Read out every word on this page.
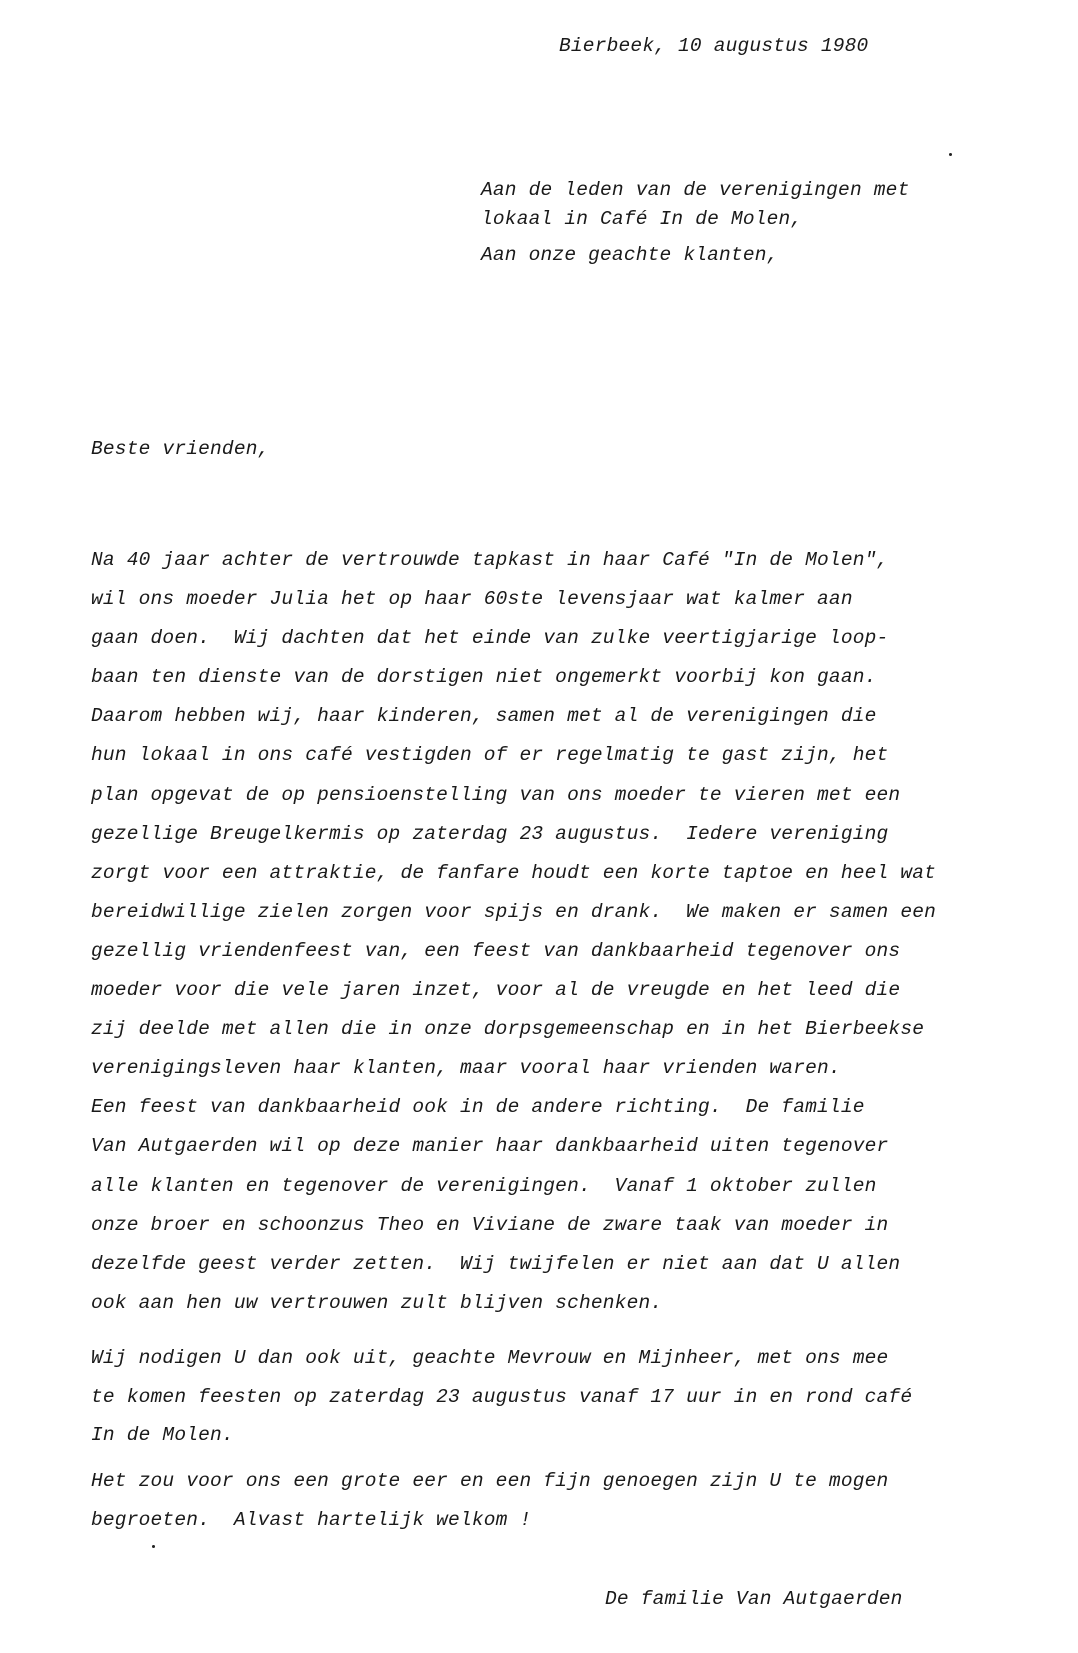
Bierbeek, 10 augustus 1980
Aan de leden van de verenigingen met
lokaal in Café In de Molen,
Aan onze geachte klanten,
Beste vrienden,
Na 40 jaar achter de vertrouwde tapkast in haar Café "In de Molen",
wil ons moeder Julia het op haar 60ste levensjaar wat kalmer aan
gaan doen.  Wij dachten dat het einde van zulke veertigjarige loop-
baan ten dienste van de dorstigen niet ongemerkt voorbij kon gaan.
Daarom hebben wij, haar kinderen, samen met al de verenigingen die
hun lokaal in ons café vestigden of er regelmatig te gast zijn, het
plan opgevat de op pensioenstelling van ons moeder te vieren met een
gezellige Breugelkermis op zaterdag 23 augustus.  Iedere vereniging
zorgt voor een attraktie, de fanfare houdt een korte taptoe en heel wat
bereidwillige zielen zorgen voor spijs en drank.  We maken er samen een
gezellig vriendenfeest van, een feest van dankbaarheid tegenover ons
moeder voor die vele jaren inzet, voor al de vreugde en het leed die
zij deelde met allen die in onze dorpsgemeenschap en in het Bierbeekse
verenigingsleven haar klanten, maar vooral haar vrienden waren.
Een feest van dankbaarheid ook in de andere richting.  De familie
Van Autgaerden wil op deze manier haar dankbaarheid uiten tegenover
alle klanten en tegenover de verenigingen.  Vanaf 1 oktober zullen
onze broer en schoonzus Theo en Viviane de zware taak van moeder in
dezelfde geest verder zetten.  Wij twijfelen er niet aan dat U allen
ook aan hen uw vertrouwen zult blijven schenken.
Wij nodigen U dan ook uit, geachte Mevrouw en Mijnheer, met ons mee
te komen feesten op zaterdag 23 augustus vanaf 17 uur in en rond café
In de Molen.
Het zou voor ons een grote eer en een fijn genoegen zijn U te mogen
begroeten.  Alvast hartelijk welkom !
De familie Van Autgaerden
